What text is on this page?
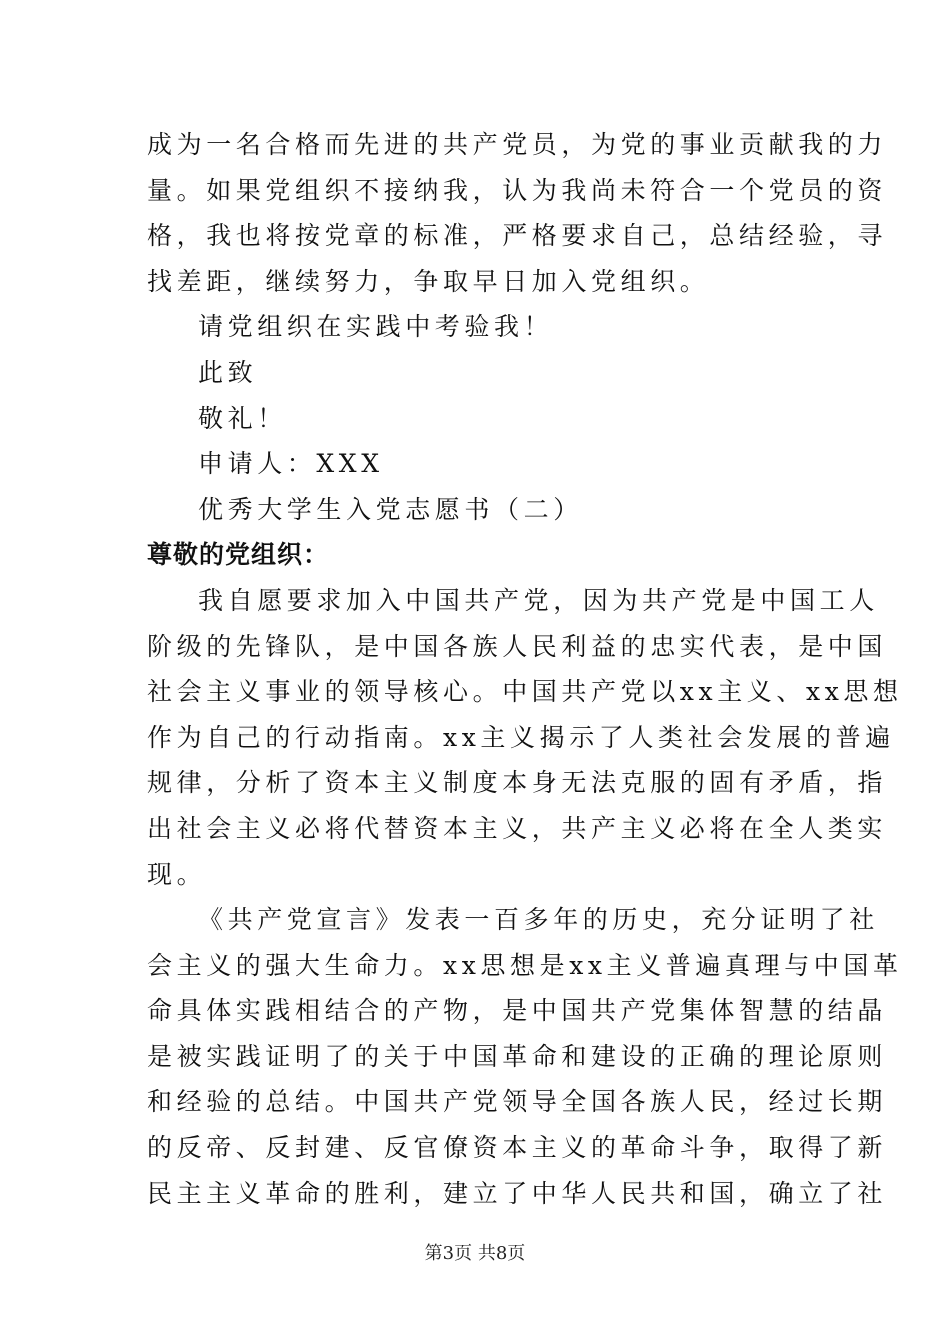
成为一名合格而先进的共产党员，为党的事业贡献我的力
量。如果党组织不接纳我，认为我尚未符合一个党员的资
格，我也将按党章的标准，严格要求自己，总结经验，寻
找差距，继续努力，争取早日加入党组织。
请党组织在实践中考验我！
此致
敬礼！
申请人：XXX
优秀大学生入党志愿书（二）
尊敬的党组织：
我自愿要求加入中国共产党，因为共产党是中国工人
阶级的先锋队，是中国各族人民利益的忠实代表，是中国
社会主义事业的领导核心。中国共产党以xx主义、xx思想
作为自己的行动指南。xx主义揭示了人类社会发展的普遍
规律，分析了资本主义制度本身无法克服的固有矛盾，指
出社会主义必将代替资本主义，共产主义必将在全人类实
现。
《共产党宣言》发表一百多年的历史，充分证明了社
会主义的强大生命力。xx思想是xx主义普遍真理与中国革
命具体实践相结合的产物，是中国共产党集体智慧的结晶
是被实践证明了的关于中国革命和建设的正确的理论原则
和经验的总结。中国共产党领导全国各族人民，经过长期
的反帝、反封建、反官僚资本主义的革命斗争，取得了新
民主主义革命的胜利，建立了中华人民共和国，确立了社
第3页 共8页
